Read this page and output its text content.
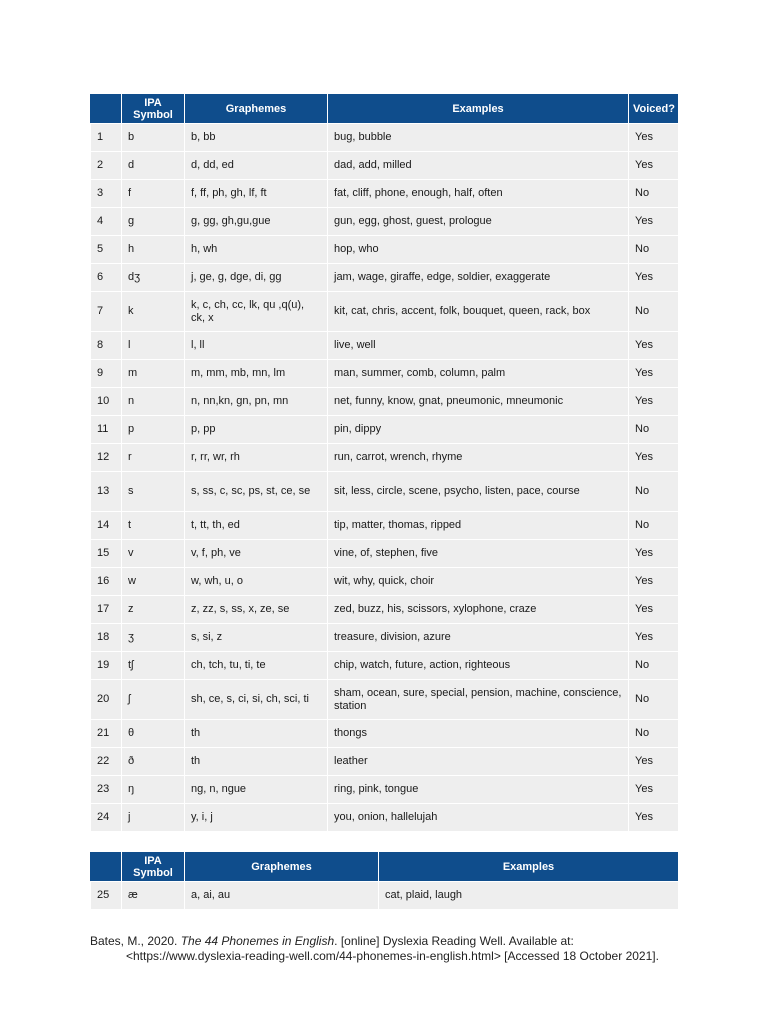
	IPA Symbol	Graphemes	Examples	Voiced?
1	b	b, bb	bug, bubble	Yes
2	d	d, dd, ed	dad, add, milled	Yes
3	f	f, ff, ph, gh, lf, ft	fat, cliff, phone, enough, half, often	No
4	g	g, gg, gh,gu,gue	gun, egg, ghost, guest, prologue	Yes
5	h	h, wh	hop, who	No
6	dʒ	j, ge, g, dge, di, gg	jam, wage, giraffe, edge, soldier, exaggerate	Yes
7	k	k, c, ch, cc, lk, qu ,q(u), ck, x	kit, cat, chris, accent, folk, bouquet, queen, rack, box	No
8	l	l, ll	live, well	Yes
9	m	m, mm, mb, mn, lm	man, summer, comb, column, palm	Yes
10	n	n, nn,kn, gn, pn, mn	net, funny, know, gnat, pneumonic, mneumonic	Yes
11	p	p, pp	pin, dippy	No
12	r	r, rr, wr, rh	run, carrot, wrench, rhyme	Yes
13	s	s, ss, c, sc, ps, st, ce, se	sit, less, circle, scene, psycho, listen, pace, course	No
14	t	t, tt, th, ed	tip, matter, thomas, ripped	No
15	v	v, f, ph, ve	vine, of, stephen, five	Yes
16	w	w, wh, u, o	wit, why, quick, choir	Yes
17	z	z, zz, s, ss, x, ze, se	zed, buzz, his, scissors, xylophone, craze	Yes
18	ʒ	s, si, z	treasure, division, azure	Yes
19	tʃ	ch, tch, tu, ti, te	chip, watch, future, action, righteous	No
20	ʃ	sh, ce, s, ci, si, ch, sci, ti	sham, ocean, sure, special, pension, machine, conscience, station	No
21	θ	th	thongs	No
22	ð	th	leather	Yes
23	ŋ	ng, n, ngue	ring, pink, tongue	Yes
24	j	y, i, j	you, onion, hallelujah	Yes
	IPA Symbol	Graphemes	Examples
25	æ	a, ai, au	cat, plaid, laugh
Bates, M., 2020. The 44 Phonemes in English. [online] Dyslexia Reading Well. Available at:
<https://www.dyslexia-reading-well.com/44-phonemes-in-english.html> [Accessed 18 October 2021].
